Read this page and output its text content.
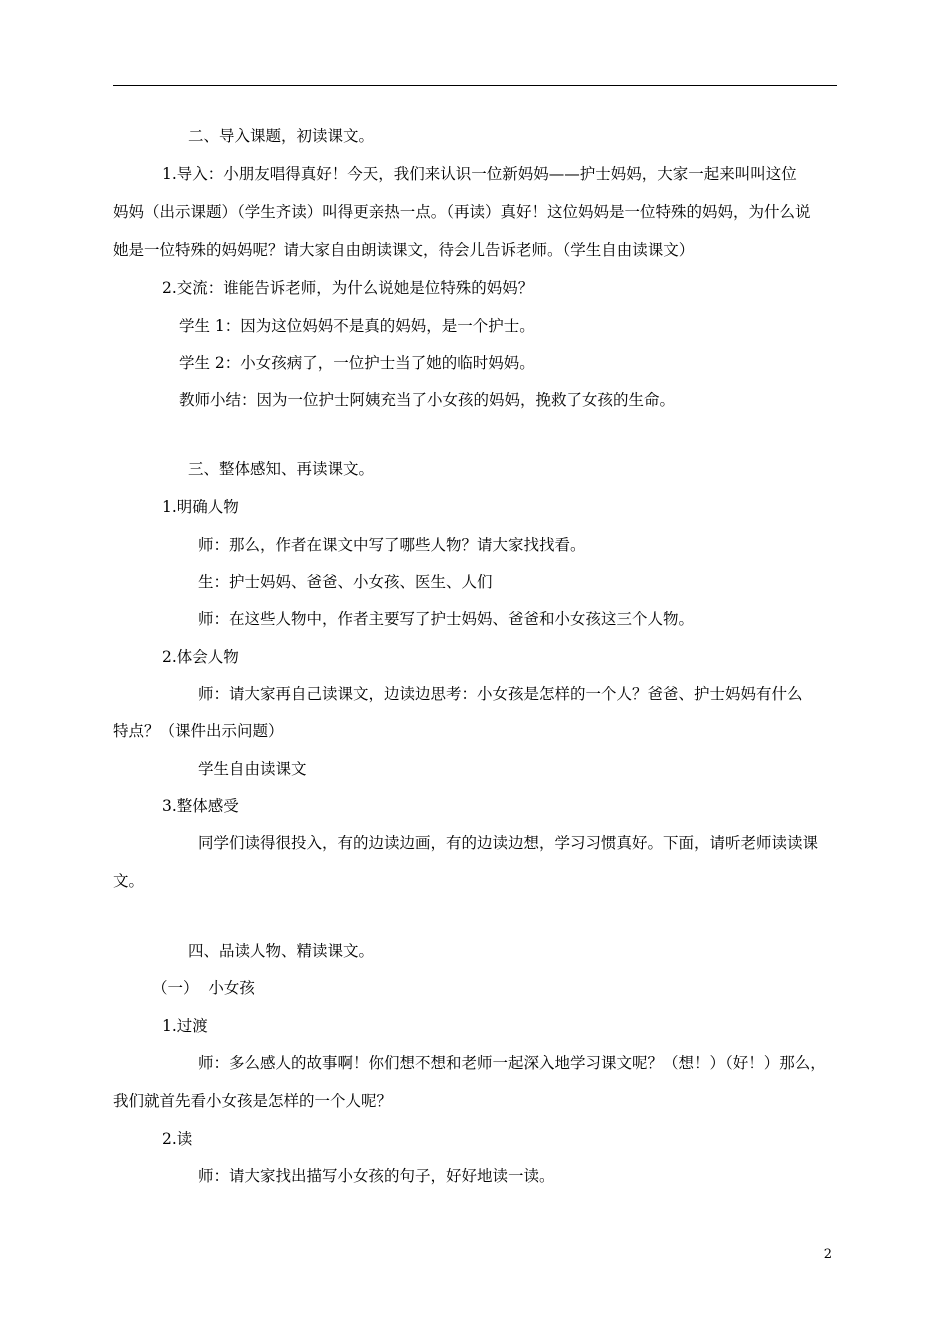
二、导入课题，初读课文。
1.导入：小朋友唱得真好！今天，我们来认识一位新妈妈——护士妈妈，大家一起来叫叫这位
妈妈（出示课题）（学生齐读）叫得更亲热一点。（再读）真好！这位妈妈是一位特殊的妈妈，为什么说
她是一位特殊的妈妈呢？请大家自由朗读课文，待会儿告诉老师。（学生自由读课文）
2.交流：谁能告诉老师，为什么说她是位特殊的妈妈？
学生 1：因为这位妈妈不是真的妈妈，是一个护士。
学生 2：小女孩病了，一位护士当了她的临时妈妈。
教师小结：因为一位护士阿姨充当了小女孩的妈妈，挽救了女孩的生命。
三、整体感知、再读课文。
1.明确人物
师：那么，作者在课文中写了哪些人物？请大家找找看。
生：护士妈妈、爸爸、小女孩、医生、人们
师：在这些人物中，作者主要写了护士妈妈、爸爸和小女孩这三个人物。
2.体会人物
师：请大家再自己读课文，边读边思考：小女孩是怎样的一个人？爸爸、护士妈妈有什么
特点？（课件出示问题）
学生自由读课文
3.整体感受
同学们读得很投入，有的边读边画，有的边读边想，学习习惯真好。下面，请听老师读读课
文。
四、品读人物、精读课文。
（一）  小女孩
1.过渡
师：多么感人的故事啊！你们想不想和老师一起深入地学习课文呢？（想！）（好！）那么，
我们就首先看小女孩是怎样的一个人呢？
2.读
师：请大家找出描写小女孩的句子，好好地读一读。
2
